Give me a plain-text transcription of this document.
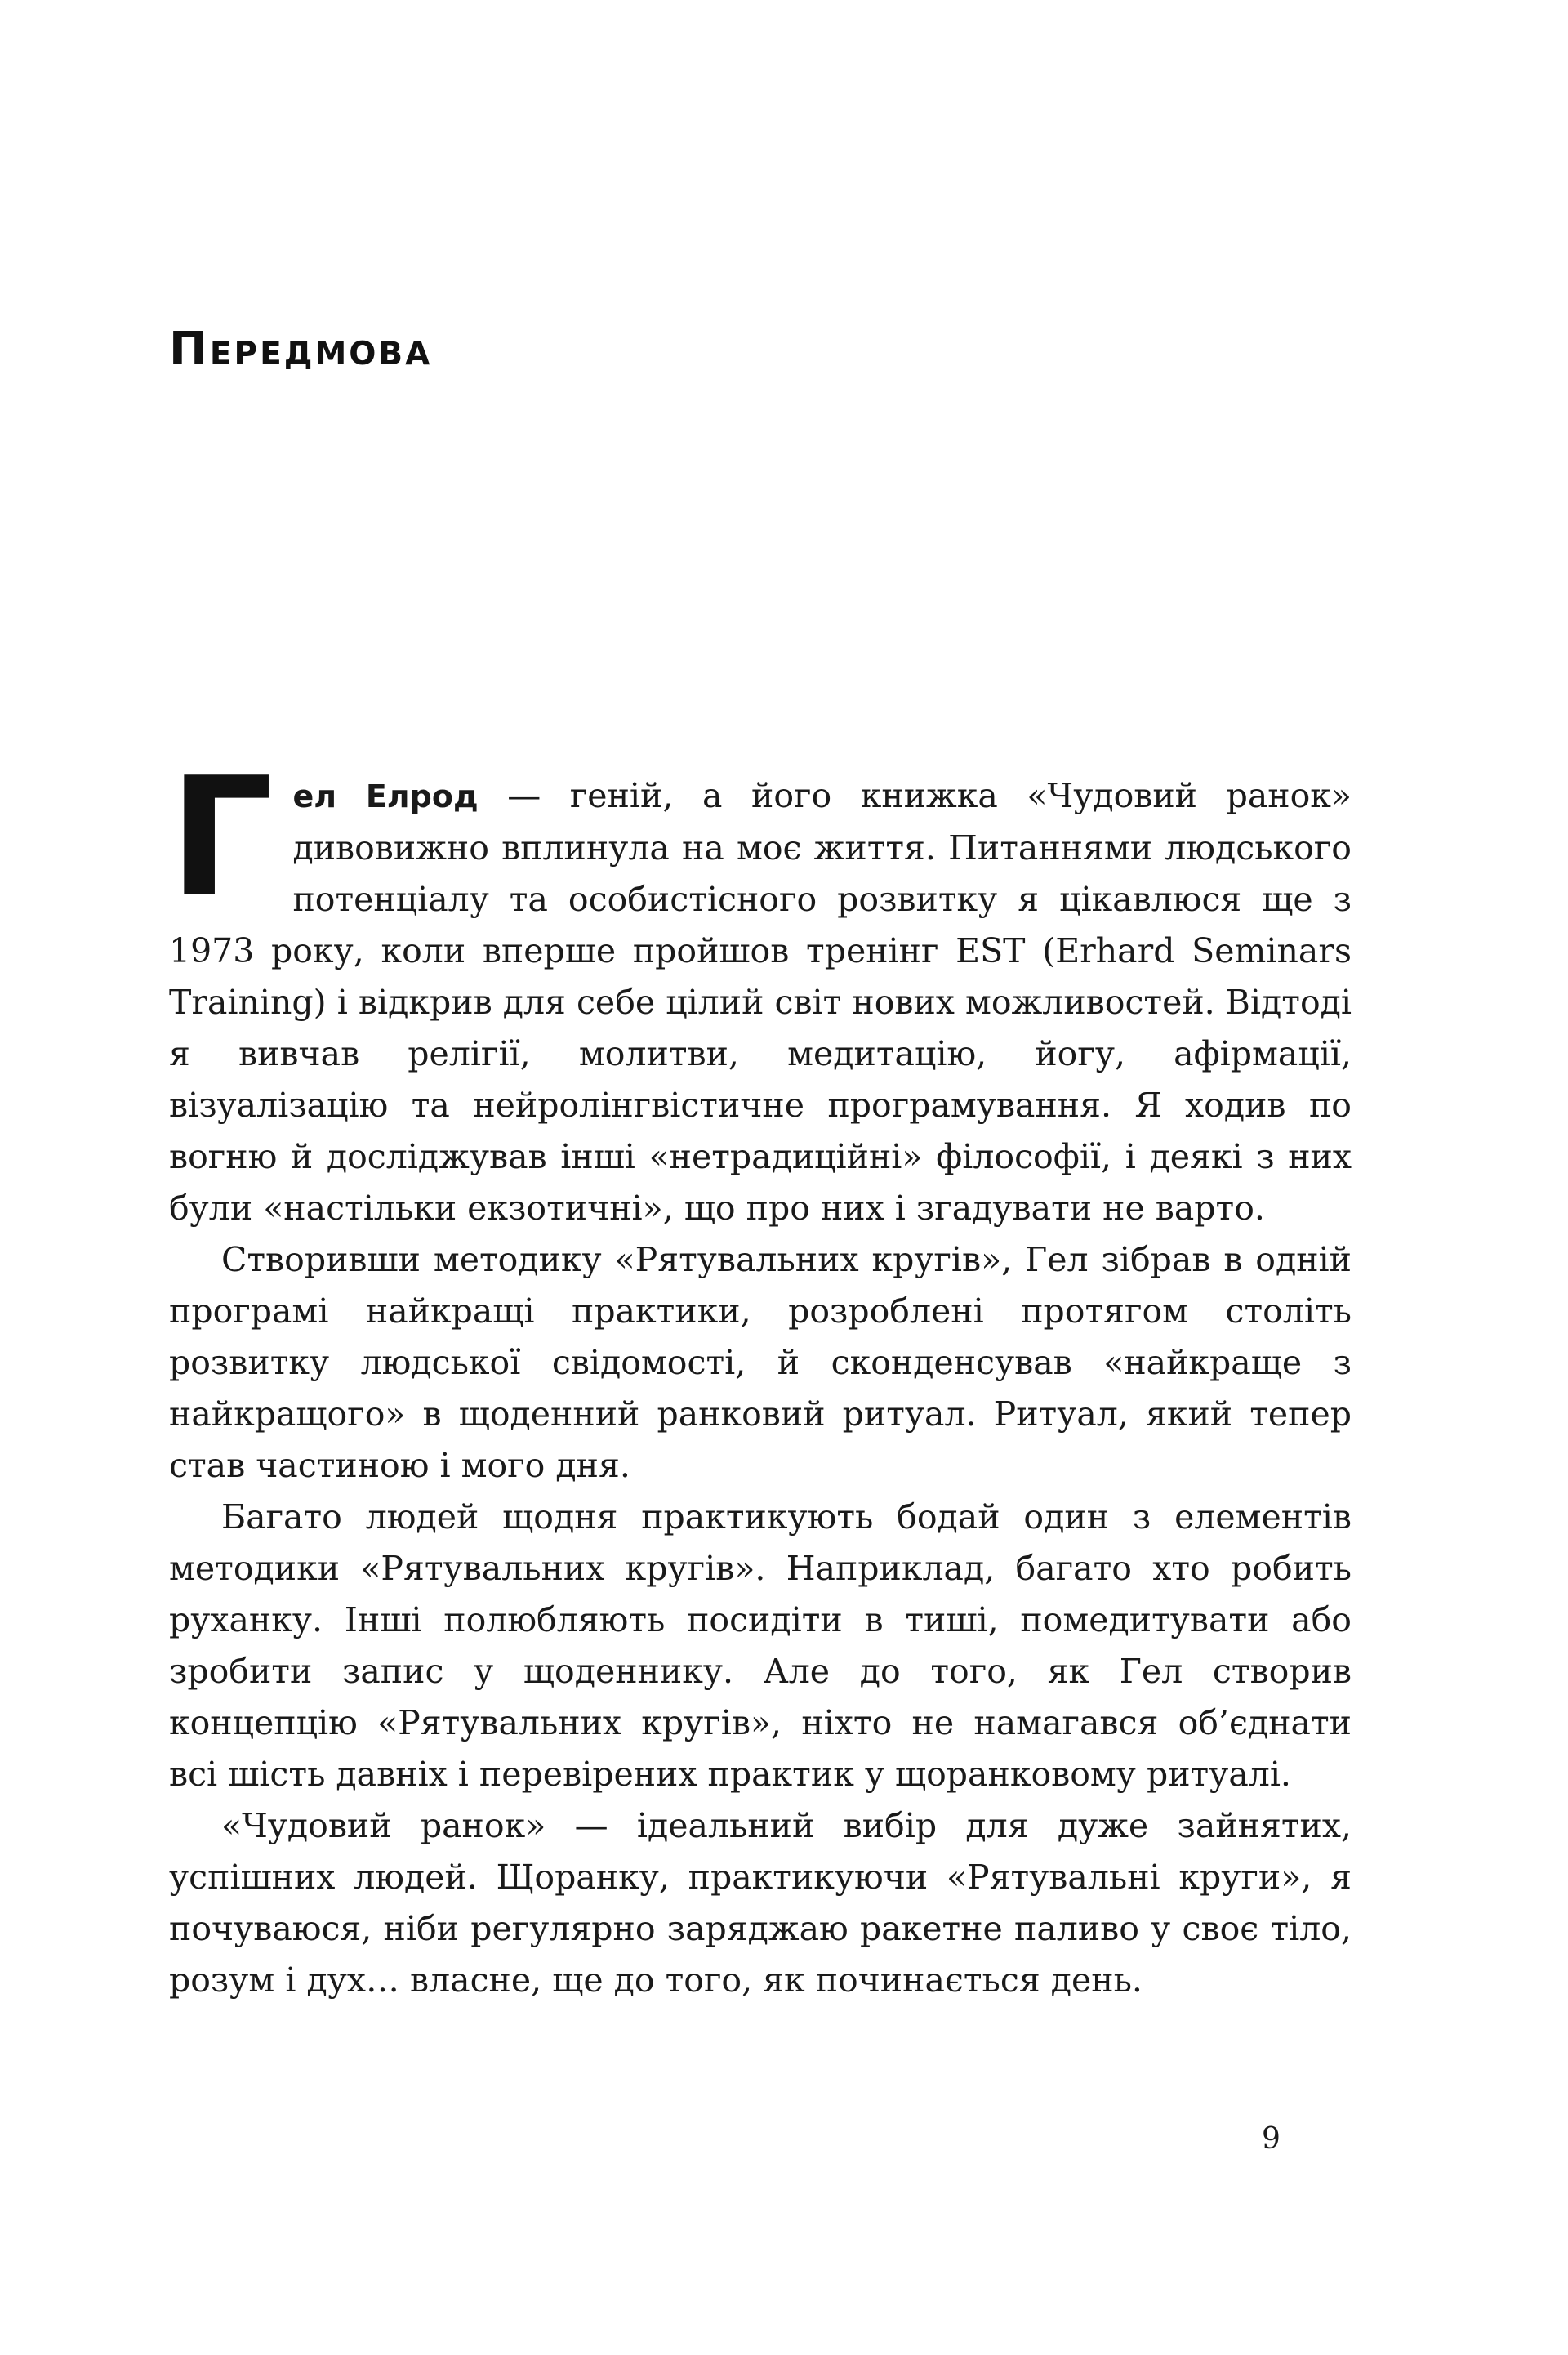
Передмова

Гел Елрод — геній, а його книжка «Чудовий ранок» дивовижно вплинула на моє життя. Питаннями людського потенціалу та особистісного розвитку я цікавлюся ще з 1973 року, коли вперше пройшов тренінг EST (Erhard Seminars Training) і відкрив для себе цілий світ нових можливостей. Відтоді я вивчав релігії, молитви, медитацію, йогу, афірмації, візуалізацію та нейролінгвістичне програмування. Я ходив по вогню й досліджував інші «нетрадиційні» філософії, і деякі з них були «настільки екзотичні», що про них і згадувати не варто.

Створивши методику «Рятувальних кругів», Гел зібрав в одній програмі найкращі практики, розроблені протягом століть розвитку людської свідомості, й сконденсував «найкраще з найкращого» в щоденний ранковий ритуал. Ритуал, який тепер став частиною і мого дня.

Багато людей щодня практикують бодай один з елементів методики «Рятувальних кругів». Наприклад, багато хто робить руханку. Інші полюбляють посидіти в тиші, помедитувати або зробити запис у щоденнику. Але до того, як Гел створив концепцію «Рятувальних кругів», ніхто не намагався об’єднати всі шість давніх і перевірених практик у щоранковому ритуалі.

«Чудовий ранок» — ідеальний вибір для дуже зайнятих, успішних людей. Щоранку, практикуючи «Рятувальні круги», я почуваюся, ніби регулярно заряджаю ракетне паливо у своє тіло, розум і дух… власне, ще до того, як починається день.

9
